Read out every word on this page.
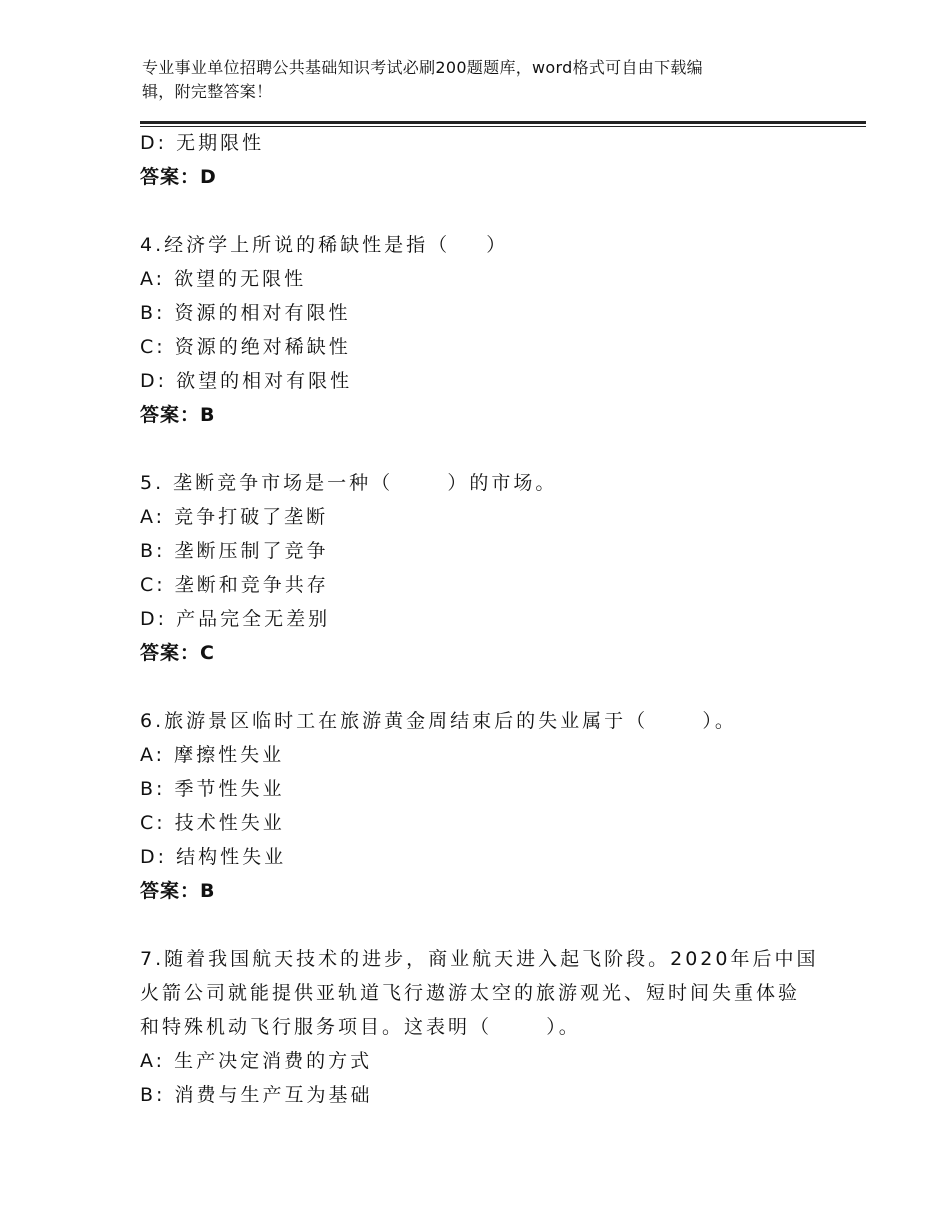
专业事业单位招聘公共基础知识考试必刷200题题库，word格式可自由下载编
辑，附完整答案！
D: 无期限性
答案：D
4.经济学上所说的稀缺性是指（    ）
A: 欲望的无限性
B: 资源的相对有限性
C: 资源的绝对稀缺性
D: 欲望的相对有限性
答案：B
5. 垄断竞争市场是一种（      ）的市场。
A: 竞争打破了垄断
B: 垄断压制了竞争
C: 垄断和竞争共存
D: 产品完全无差别
答案：C
6.旅游景区临时工在旅游黄金周结束后的失业属于（      ）。
A: 摩擦性失业
B: 季节性失业
C: 技术性失业
D: 结构性失业
答案：B
7.随着我国航天技术的进步，商业航天进入起飞阶段。2020年后中国
火箭公司就能提供亚轨道飞行遨游太空的旅游观光、短时间失重体验
和特殊机动飞行服务项目。这表明（      ）。
A: 生产决定消费的方式
B: 消费与生产互为基础
